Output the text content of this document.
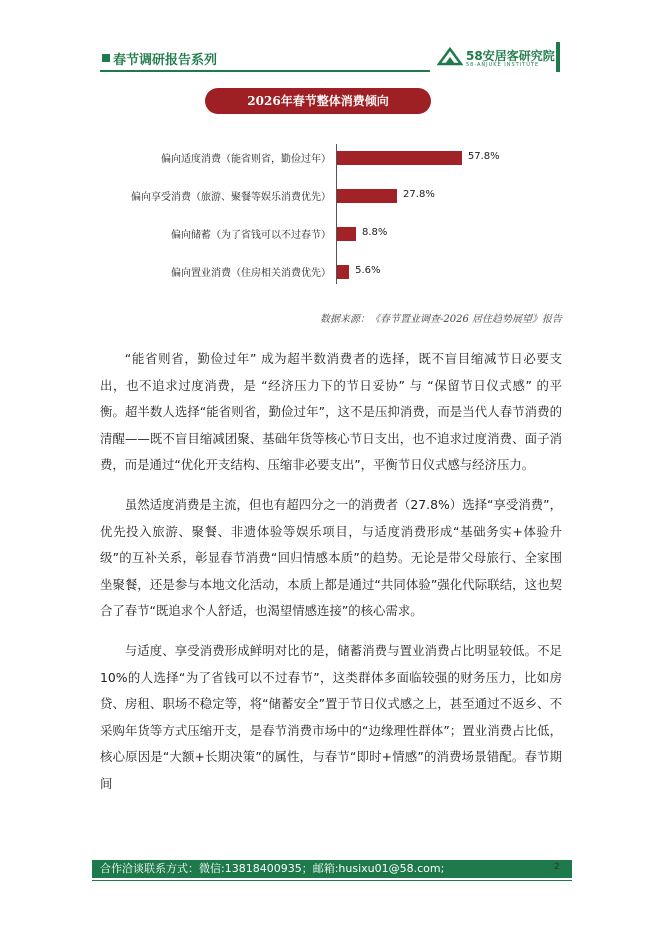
春节调研报告系列	58安居客研究院
58·ANJUKE INSTITUTE
2026年春节整体消费倾向
偏向适度消费（能省则省，勤俭过年）	57.8%
偏向享受消费（旅游、聚餐等娱乐消费优先）	27.8%
偏向储蓄（为了省钱可以不过春节）	8.8%
偏向置业消费（住房相关消费优先） 5.6%
数据来源：《春节置业调查-2026 居住趋势展望》报告

“能省则省，勤俭过年” 成为超半数消费者的选择，既不盲目缩减节日必要支出，也不追求过度消费，是 “经济压力下的节日妥协” 与 “保留节日仪式感” 的平衡。超半数人选择“能省则省，勤俭过年”，这不是压抑消费，而是当代人春节消费的清醒——既不盲目缩减团聚、基础年货等核心节日支出，也不追求过度消费、面子消费，而是通过“优化开支结构、压缩非必要支出”，平衡节日仪式感与经济压力。

虽然适度消费是主流，但也有超四分之一的消费者（27.8%）选择“享受消费”，优先投入旅游、聚餐、非遗体验等娱乐项目，与适度消费形成“基础务实+体验升级”的互补关系，彰显春节消费“回归情感本质”的趋势。无论是带父母旅行、全家围坐聚餐，还是参与本地文化活动，本质上都是通过“共同体验”强化代际联结，这也契合了春节“既追求个人舒适，也渴望情感连接”的核心需求。

与适度、享受消费形成鲜明对比的是，储蓄消费与置业消费占比明显较低。不足10%的人选择“为了省钱可以不过春节”，这类群体多面临较强的财务压力，比如房贷、房租、职场不稳定等，将“储蓄安全”置于节日仪式感之上，甚至通过不返乡、不采购年货等方式压缩开支，是春节消费市场中的“边缘理性群体”；置业消费占比低，核心原因是“大额+长期决策”的属性，与春节“即时+情感”的消费场景错配。春节期间

合作洽谈联系方式：微信:13818400935；邮箱:husixu01@58.com;	2
